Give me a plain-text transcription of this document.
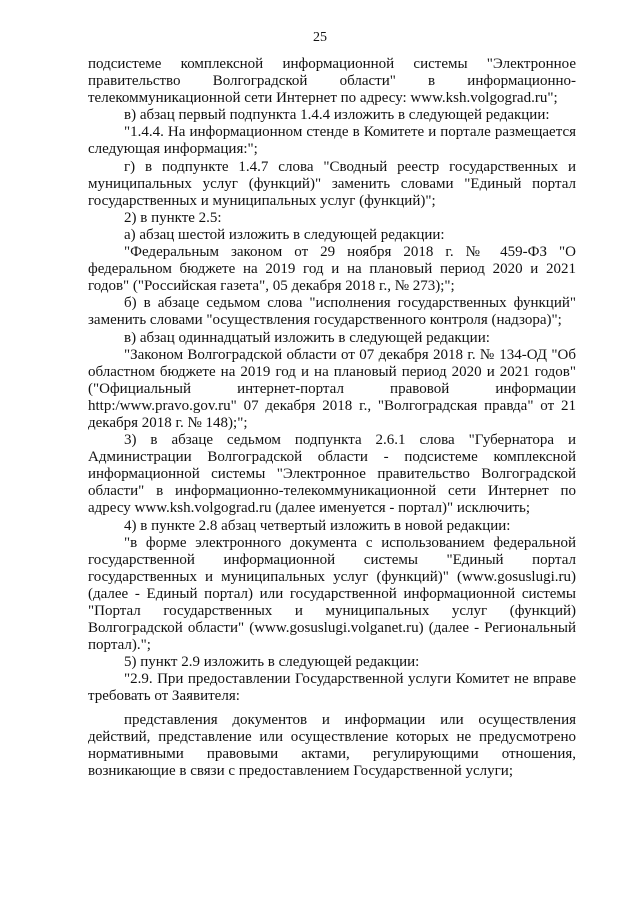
25

подсистеме комплексной информационной системы "Электронное правительство Волгоградской области" в информационно-телекоммуникационной сети Интернет по адресу: www.ksh.volgograd.ru";

в) абзац первый подпункта 1.4.4 изложить в следующей редакции:

"1.4.4. На информационном стенде в Комитете и портале размещается следующая информация:";

г) в подпункте 1.4.7 слова "Сводный реестр государственных и муниципальных услуг (функций)" заменить словами "Единый портал государственных и муниципальных услуг (функций)";

2) в пункте 2.5:

а) абзац шестой изложить в следующей редакции:

"Федеральным законом от 29 ноября 2018 г. № 459-ФЗ "О федеральном бюджете на 2019 год и на плановый период 2020 и 2021 годов" ("Российская газета", 05 декабря 2018 г., № 273);";

б) в абзаце седьмом слова "исполнения государственных функций" заменить словами "осуществления государственного контроля (надзора)";

в) абзац одиннадцатый изложить в следующей редакции:

"Законом Волгоградской области от 07 декабря 2018 г. № 134-ОД "Об областном бюджете на 2019 год и на плановый период 2020 и 2021 годов" ("Официальный интернет-портал правовой информации http:/www.pravo.gov.ru" 07 декабря 2018 г., "Волгоградская правда" от 21 декабря 2018 г. № 148);";

3) в абзаце седьмом подпункта 2.6.1 слова "Губернатора и Администрации Волгоградской области - подсистеме комплексной информационной системы "Электронное правительство Волгоградской области" в информационно-телекоммуникационной сети Интернет по адресу www.ksh.volgograd.ru (далее именуется - портал)" исключить;

4) в пункте 2.8 абзац четвертый изложить в новой редакции:

"в форме электронного документа с использованием федеральной государственной информационной системы "Единый портал государственных и муниципальных услуг (функций)" (www.gosuslugi.ru) (далее - Единый портал) или государственной информационной системы "Портал государственных и муниципальных услуг (функций) Волгоградской области" (www.gosuslugi.volganet.ru) (далее - Региональный портал).";

5) пункт 2.9 изложить в следующей редакции:

"2.9. При предоставлении Государственной услуги Комитет не вправе требовать от Заявителя:

представления документов и информации или осуществления действий, представление или осуществление которых не предусмотрено нормативными правовыми актами, регулирующими отношения, возникающие в связи с предоставлением Государственной услуги;
